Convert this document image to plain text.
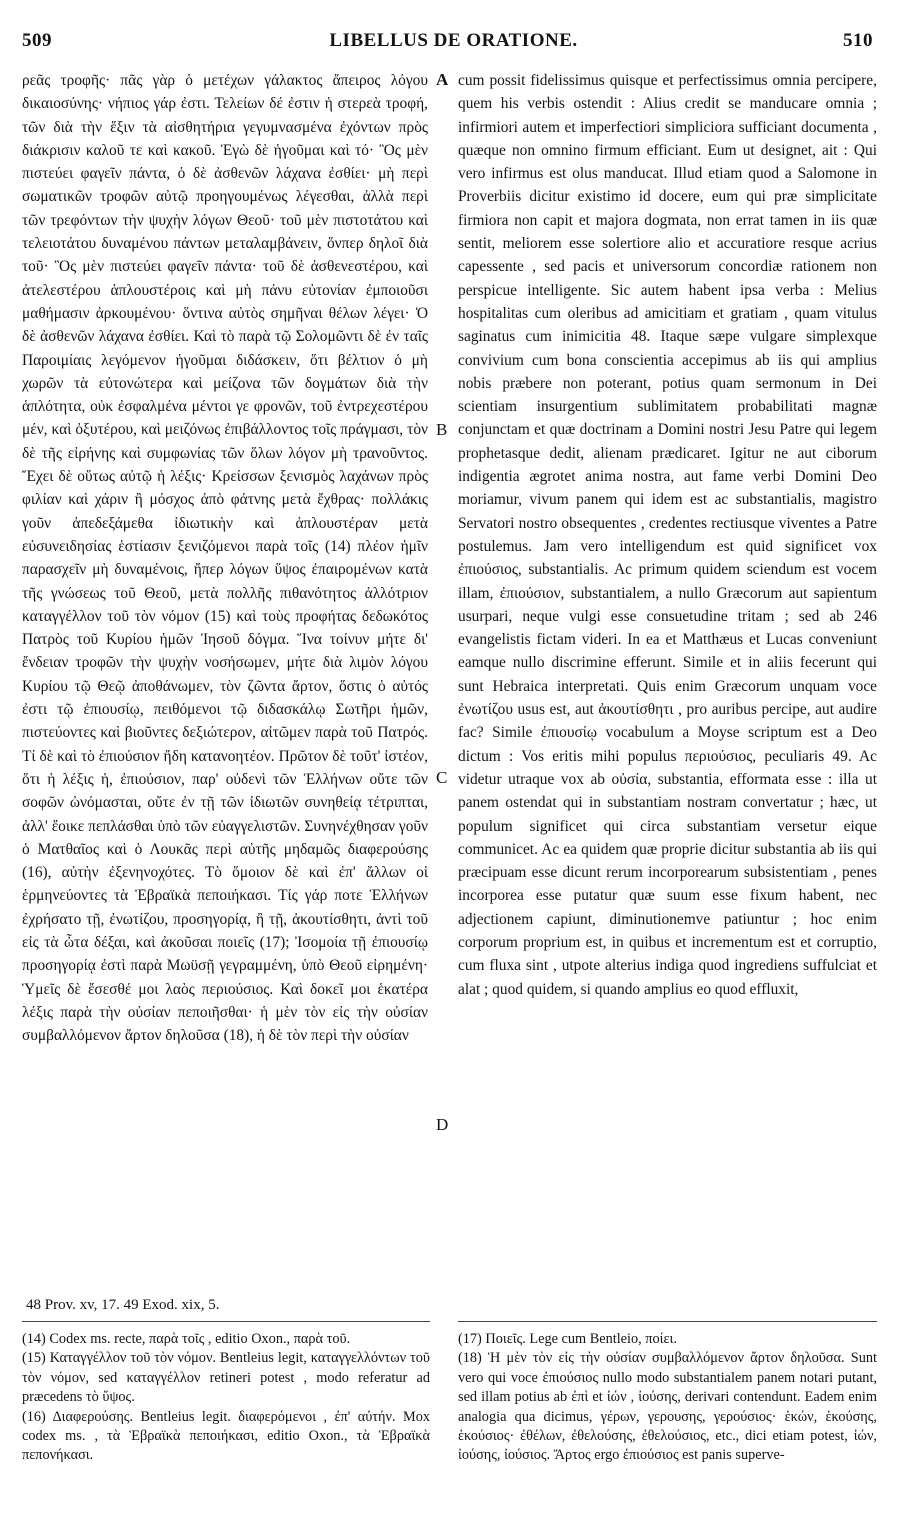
509	LIBELLUS DE ORATIONE.	510

ρεᾶς τροφῆς· πᾶς γὰρ ὁ μετέχων γάλακτος ἄπειρος λόγου δικαιοσύνης· νήπιος γάρ ἐστι. Τελείων δέ ἐστιν ἡ στερεὰ τροφή, τῶν διὰ τὴν ἕξιν τὰ αἰσθητήρια γεγυμνασμένα ἐχόντων πρὸς διάκρισιν καλοῦ τε καὶ κακοῦ. Ἐγὼ δὲ ἡγοῦμαι καὶ τό· Ὃς μὲν πιστεύει φαγεῖν πάντα, ὁ δὲ ἀσθενῶν λάχανα ἐσθίει· μὴ περὶ σωματικῶν τροφῶν αὐτῷ προηγουμένως λέγεσθαι, ἀλλὰ περὶ τῶν τρεφόντων τὴν ψυχὴν λόγων Θεοῦ· τοῦ μὲν πιστοτάτου καὶ τελειοτάτου δυναμένου πάντων μεταλαμβάνειν, ὅνπερ δηλοῖ διὰ τοῦ· Ὃς μὲν πιστεύει φαγεῖν πάντα· τοῦ δὲ ἀσθενεστέρου, καὶ ἀτελεστέρου ἁπλουστέροις καὶ μὴ πάνυ εὐτονίαν ἐμποιοῦσι μαθήμασιν ἀρκουμένου· ὅντινα αὐτὸς σημῆναι θέλων λέγει· Ὁ δὲ ἀσθενῶν λάχανα ἐσθίει. Καὶ τὸ παρὰ τῷ Σολομῶντι δὲ ἐν ταῖς Παροιμίαις λεγόμενον ἡγοῦμαι διδάσκειν, ὅτι βέλτιον ὁ μὴ χωρῶν τὰ εὐτονώτερα καὶ μείζονα τῶν δογμάτων διὰ τὴν ἁπλότητα, οὐκ ἐσφαλμένα μέντοι γε φρονῶν, τοῦ ἐντρεχεστέρου μέν, καὶ ὀξυτέρου, καὶ μειζόνως ἐπιβάλλοντος τοῖς πράγμασι, τὸν δὲ τῆς εἰρήνης καὶ συμφωνίας τῶν ὅλων λόγον μὴ τρανοῦντος. Ἔχει δὲ οὕτως αὐτῷ ἡ λέξις· Κρείσσων ξενισμὸς λαχάνων πρὸς φιλίαν καὶ χάριν ἢ μόσχος ἀπὸ φάτνης μετὰ ἔχθρας· πολλάκις γοῦν ἀπεδεξάμεθα ἰδιωτικὴν καὶ ἁπλουστέραν μετὰ εὐσυνειδησίας ἑστίασιν ξενιζόμενοι παρὰ τοῖς (14) πλέον ἡμῖν παρασχεῖν μὴ δυναμένοις, ἤπερ λόγων ὕψος ἐπαιρομένων κατὰ τῆς γνώσεως τοῦ Θεοῦ, μετὰ πολλῆς πιθανότητος ἀλλότριον καταγγέλλον τοῦ τὸν νόμον (15) καὶ τοὺς προφήτας δεδωκότος Πατρὸς τοῦ Κυρίου ἡμῶν Ἰησοῦ δόγμα. Ἵνα τοίνυν μήτε δι' ἔνδειαν τροφῶν τὴν ψυχὴν νοσήσωμεν, μήτε διὰ λιμὸν λόγου Κυρίου τῷ Θεῷ ἀποθάνωμεν, τὸν ζῶντα ἄρτον, ὅστις ὁ αὐτός ἐστι τῷ ἐπιουσίῳ, πειθόμενοι τῷ διδασκάλῳ Σωτῆρι ἡμῶν, πιστεύοντες καὶ βιοῦντες δεξιώτερον, αἰτῶμεν παρὰ τοῦ Πατρός. Τί δὲ καὶ τὸ ἐπιούσιον ἤδη κατανοητέον. Πρῶτον δὲ τοῦτ' ἰστέον, ὅτι ἡ λέξις ἡ, ἐπιούσιον, παρ' οὐδενὶ τῶν Ἑλλήνων οὔτε τῶν σοφῶν ὠνόμασται, οὔτε ἐν τῇ τῶν ἰδιωτῶν συνηθείᾳ τέτριπται, ἀλλ' ἔοικε πεπλάσθαι ὑπὸ τῶν εὐαγγελιστῶν. Συνηνέχθησαν γοῦν ὁ Ματθαῖος καὶ ὁ Λουκᾶς περὶ αὐτῆς μηδαμῶς διαφερούσης (16), αὐτὴν ἐξενηνοχότες. Τὸ ὅμοιον δὲ καὶ ἐπ' ἄλλων οἱ ἑρμηνεύοντες τὰ Ἑβραϊκὰ πεποιήκασι. Τίς γάρ ποτε Ἑλλήνων ἐχρήσατο τῇ, ἐνωτίζου, προσηγορίᾳ, ἢ τῇ, ἀκουτίσθητι, ἀντὶ τοῦ εἰς τὰ ὦτα δέξαι, καὶ ἀκοῦσαι ποιεῖς (17); Ἰσομοία τῇ ἐπιουσίῳ προσηγορίᾳ ἐστὶ παρὰ Μωϋσῇ γεγραμμένη, ὑπὸ Θεοῦ εἰρημένη· Ὑμεῖς δὲ ἔσεσθέ μοι λαὸς περιούσιος. Καὶ δοκεῖ μοι ἑκατέρα λέξις παρὰ τὴν οὐσίαν πεποιῆσθαι· ἡ μὲν τὸν εἰς τὴν οὐσίαν συμβαλλόμενον ἄρτον δηλοῦσα (18), ἡ δὲ τὸν περὶ τὴν οὐσίαν

cum possit fidelissimus quisque et perfectissimus omnia percipere, quem his verbis ostendit : Alius credit se manducare omnia ; infirmiori autem et imperfectiori simpliciora sufficiant documenta , quæque non omnino firmum efficiant. Eum ut designet, ait : Qui vero infirmus est olus manducat. Illud etiam quod a Salomone in Proverbiis dicitur existimo id docere, eum qui præ simplicitate firmiora non capit et majora dogmata, non errat tamen in iis quæ sentit, meliorem esse solertiore alio et accuratiore resque acrius capessente , sed pacis et universorum concordiæ rationem non perspicue intelligente. Sic autem habent ipsa verba : Melius hospitalitas cum oleribus ad amicitiam et gratiam , quam vitulus saginatus cum inimicitia 48. Itaque sæpe vulgare simplexque convivium cum bona conscientia accepimus ab iis qui amplius nobis præbere non poterant, potius quam sermonum in Dei scientiam insurgentium sublimitatem probabilitati magnæ conjunctam et quæ doctrinam a Domini nostri Jesu Patre qui legem prophetasque dedit, alienam prædicaret. Igitur ne aut ciborum indigentia ægrotet anima nostra, aut fame verbi Domini Deo moriamur, vivum panem qui idem est ac substantialis, magistro Servatori nostro obsequentes , credentes rectiusque viventes a Patre postulemus. Jam vero intelligendum est quid significet vox ἐπιούσιος, substantialis. Ac primum quidem sciendum est vocem illam, ἐπιούσιον, substantialem, a nullo Græcorum aut sapientum usurpari, neque vulgi esse consuetudine tritam ; sed ab 246 evangelistis fictam videri. In ea et Matthæus et Lucas conveniunt eamque nullo discrimine efferunt. Simile et in aliis fecerunt qui sunt Hebraica interpretati. Quis enim Græcorum unquam voce ἐνωτίζου usus est, aut ἀκουτίσθητι , pro auribus percipe, aut audire fac? Simile ἐπιουσίῳ vocabulum a Moyse scriptum est a Deo dictum : Vos eritis mihi populus περιούσιος, peculiaris 49. Ac videtur utraque vox ab οὐσία, substantia, efformata esse : illa ut panem ostendat qui in substantiam nostram convertatur ; hæc, ut populum significet qui circa substantiam versetur eique communicet. Ac ea quidem quæ proprie dicitur substantia ab iis qui præcipuam esse dicunt rerum incorporearum subsistentiam , penes incorporea esse putatur quæ suum esse fixum habent, nec adjectionem capiunt, diminutionemve patiuntur ; hoc enim corporum proprium est, in quibus et incrementum est et corruptio, cum fluxa sint , utpote alterius indiga quod ingrediens suffulciat et alat ; quod quidem, si quando amplius eo quod effluxit,

A
B
C
D
48 Prov. xv, 17. 49 Exod. xix, 5.

(14) Codex ms. recte, παρὰ τοῖς , editio Oxon., παρὰ τοῦ.

(15) Καταγγέλλον τοῦ τὸν νόμον. Bentleius legit, καταγγελλόντων τοῦ τὸν νόμον, sed καταγγέλλον retineri potest , modo referatur ad præcedens τὸ ὕψος.

(16) Διαφερούσης. Bentleius legit. διαφερόμενοι , ἐπ' αὐτήν. Mox codex ms. , τὰ Ἑβραϊκὰ πεποιήκασι, editio Oxon., τὰ Ἑβραϊκὰ πεπονήκασι.

(17) Ποιεῖς. Lege cum Bentleio, ποίει.

(18) Ἡ μὲν τὸν εἰς τὴν οὐσίαν συμβαλλόμενον ἄρτον δηλοῦσα. Sunt vero qui voce ἐπιούσιος nullo modo substantialem panem notari putant, sed illam potius ab ἐπὶ et ἰών , ἰούσης, derivari contendunt. Eadem enim analogia qua dicimus, γέρων, γερουσης, γερούσιος· ἑκών, ἑκούσης, ἑκούσιος· ἐθέλων, ἐθελούσης, ἐθελούσιος, etc., dici etiam potest, ἰών, ἰούσης, ἰούσιος. Ἄρτος ergo ἐπιούσιος est panis superve-
